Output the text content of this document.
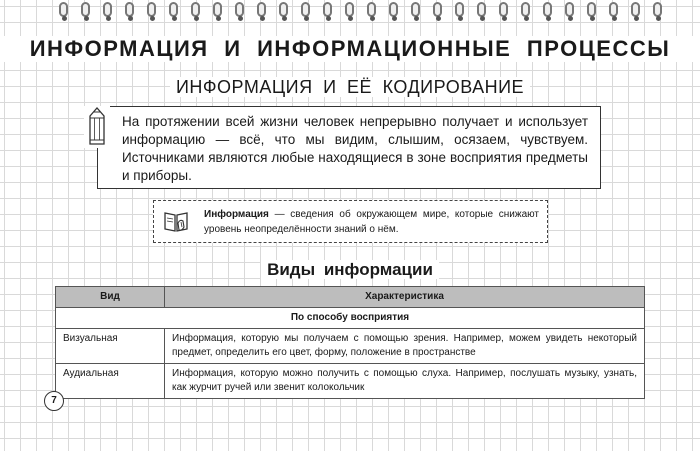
ИНФОРМАЦИЯ И ИНФОРМАЦИОННЫЕ ПРОЦЕССЫ
ИНФОРМАЦИЯ И ЕЁ КОДИРОВАНИЕ

На протяжении всей жизни человек непрерывно получает и использует информацию — всё, что мы видим, слышим, осязаем, чувствуем. Источниками являются любые находящиеся в зоне восприятия предметы и приборы.

Информация — сведения об окружающем мире, которые снижают уровень неопределённости знаний о нём.

Виды информации
Вид	Характеристика
По способу восприятия	
Визуальная	Информация, которую мы получаем с помощью зрения. Например, можем увидеть некоторый предмет, определить его цвет, форму, положение в пространстве
Аудиальная	Информация, которую можно получить с помощью слуха. Например, послушать музыку, узнать, как журчит ручей или звенит колокольчик
7
